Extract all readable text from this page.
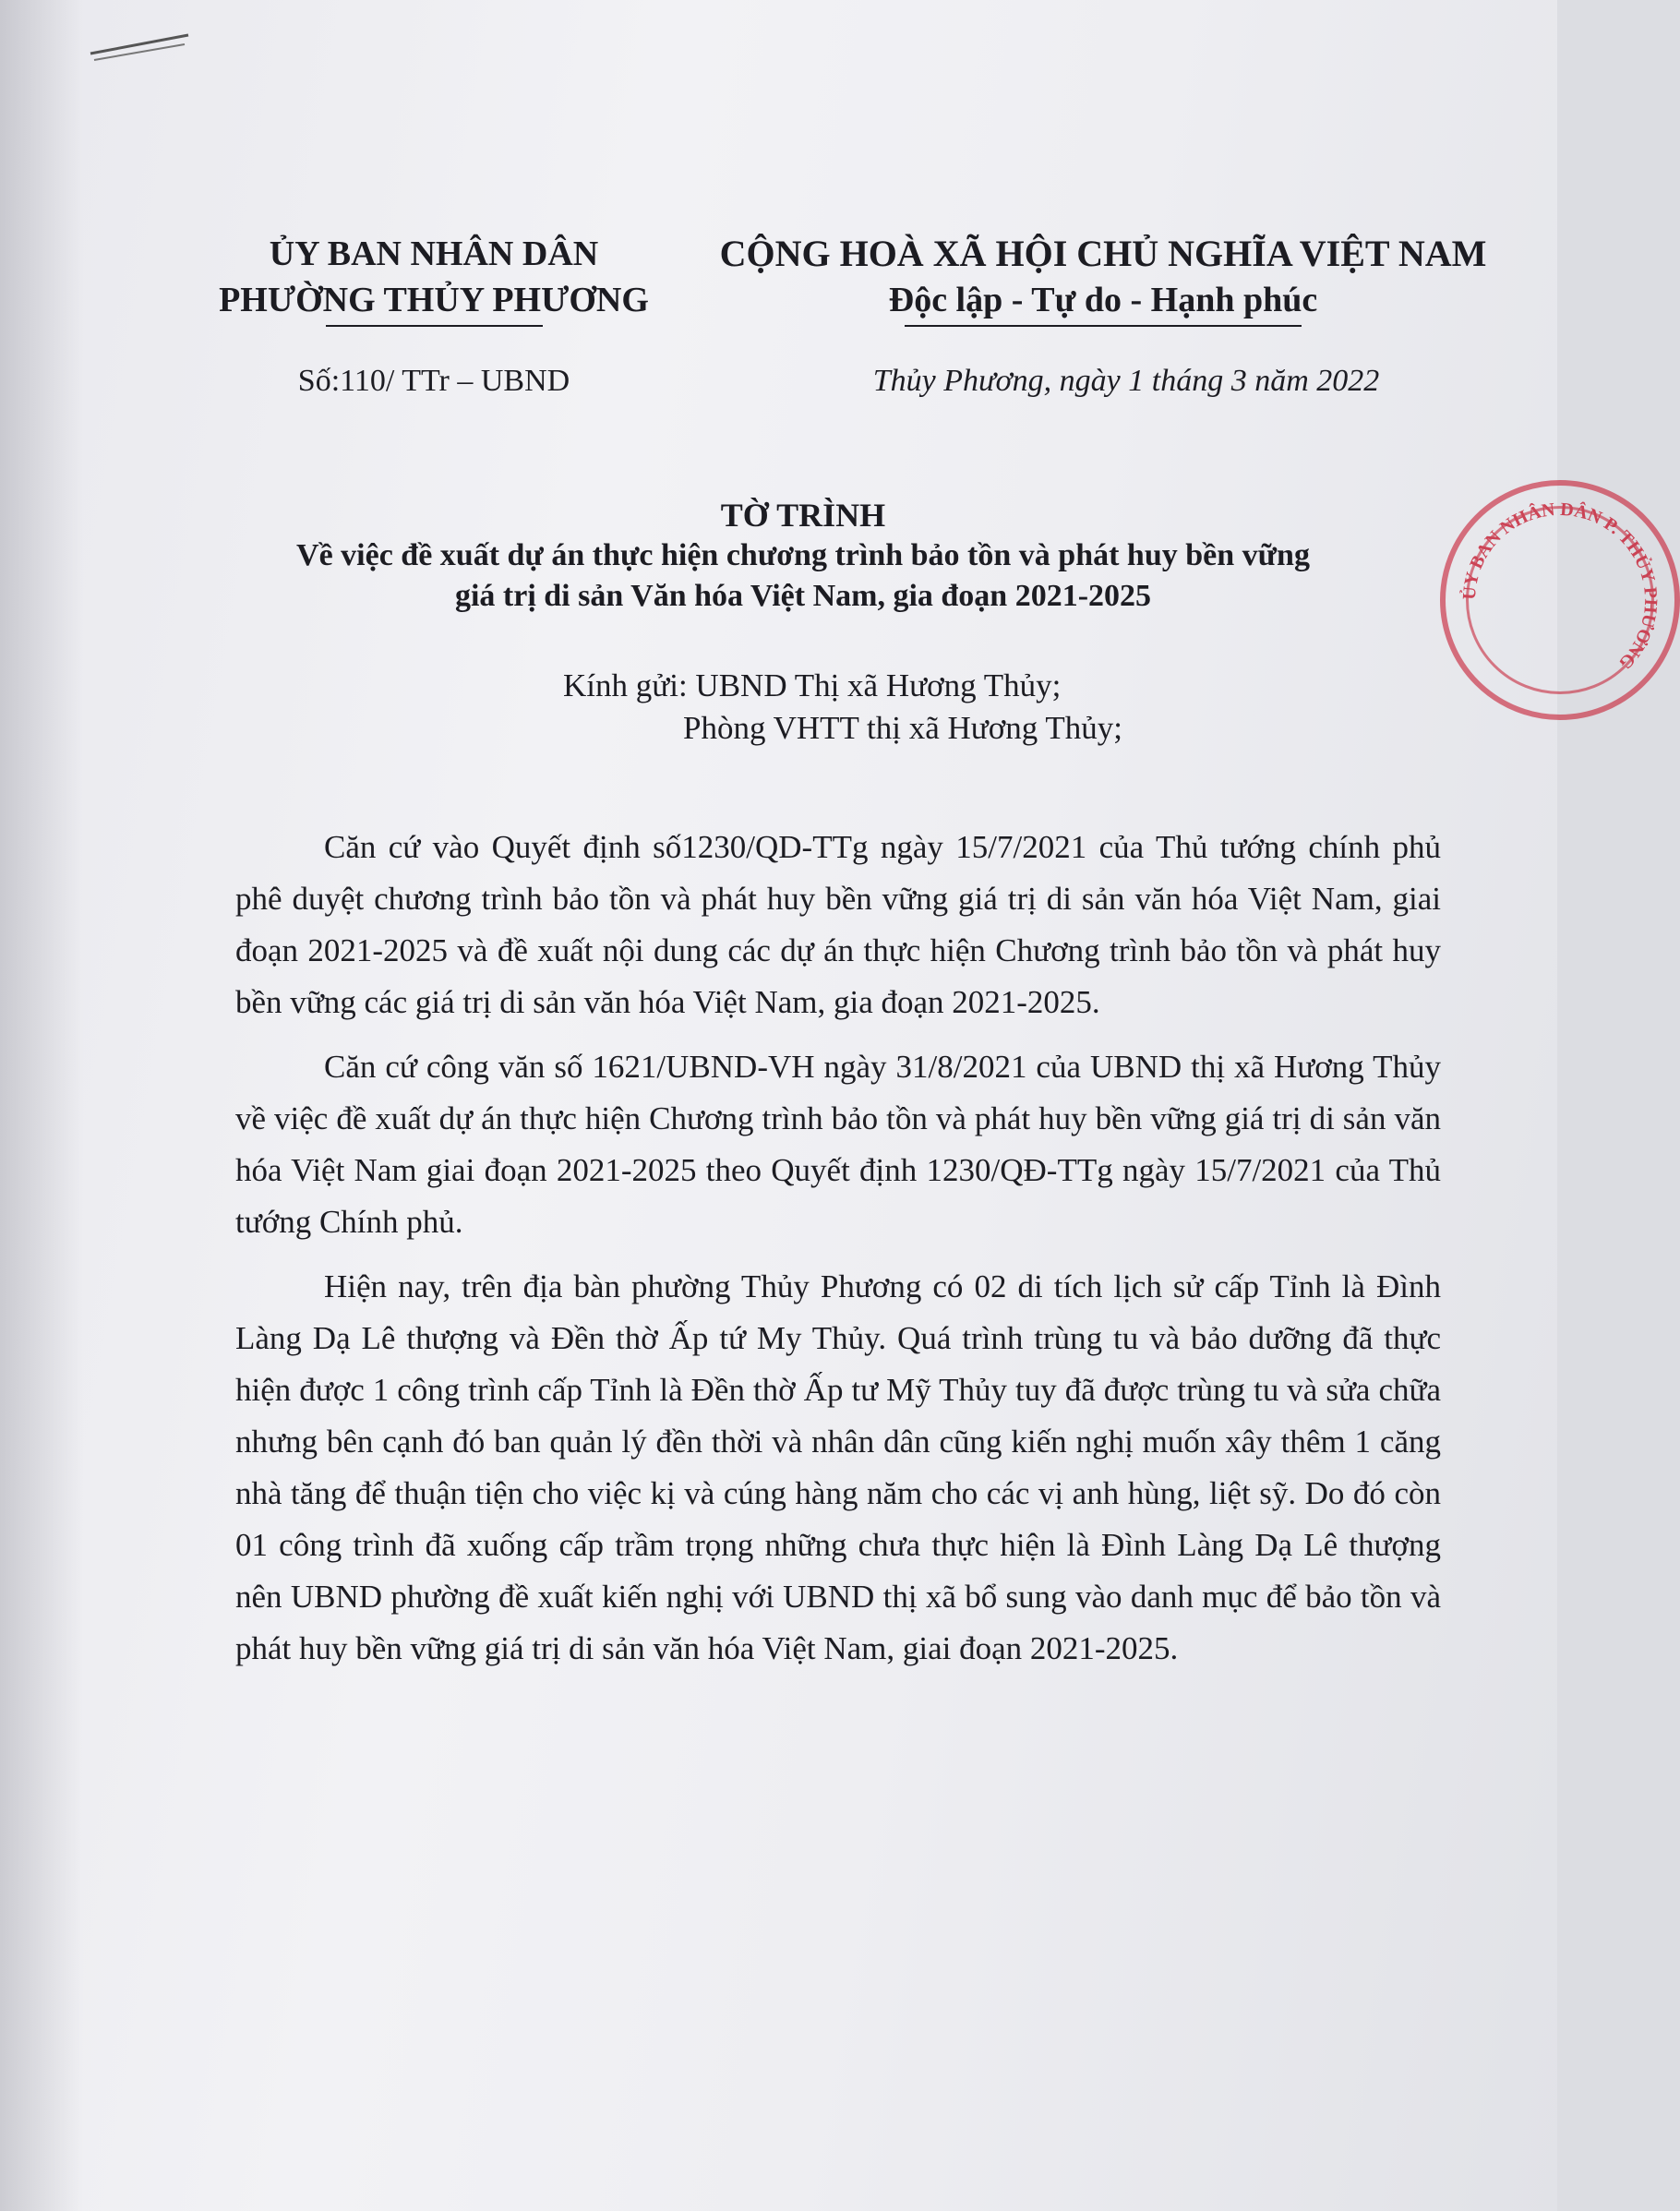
ỦY BAN NHÂN DÂN
PHƯỜNG THỦY PHƯƠNG
CỘNG HOÀ XÃ HỘI CHỦ NGHĨA VIỆT NAM
Độc lập - Tự do - Hạnh phúc
Số:110/ TTr – UBND	Thủy Phương, ngày 1 tháng 3 năm 2022
TỜ TRÌNH
Về việc đề xuất dự án thực hiện chương trình bảo tồn và phát huy bền vững
giá trị di sản Văn hóa Việt Nam, gia đoạn 2021-2025
Kính gửi: UBND Thị xã Hương Thủy;
Phòng VHTT thị xã Hương Thủy;

Căn cứ vào Quyết định số1230/QD-TTg ngày 15/7/2021 của Thủ tướng chính phủ phê duyệt chương trình bảo tồn và phát huy bền vững giá trị di sản văn hóa Việt Nam, giai đoạn 2021-2025 và đề xuất nội dung các dự án thực hiện Chương trình bảo tồn và phát huy bền vững các giá trị di sản văn hóa Việt Nam, gia đoạn 2021-2025.

Căn cứ công văn số 1621/UBND-VH ngày 31/8/2021 của UBND thị xã Hương Thủy về việc đề xuất dự án thực hiện Chương trình bảo tồn và phát huy bền vững giá trị di sản văn hóa Việt Nam giai đoạn 2021-2025 theo Quyết định 1230/QĐ-TTg ngày 15/7/2021 của Thủ tướng Chính phủ.

Hiện nay, trên địa bàn phường Thủy Phương có 02 di tích lịch sử cấp Tỉnh là Đình Làng Dạ Lê thượng và Đền thờ Ấp tứ My Thủy. Quá trình trùng tu và bảo dưỡng đã thực hiện được 1 công trình cấp Tỉnh là Đền thờ Ấp tư Mỹ Thủy tuy đã được trùng tu và sửa chữa nhưng bên cạnh đó ban quản lý đền thời và nhân dân cũng kiến nghị muốn xây thêm 1 căng nhà tăng để thuận tiện cho việc kị và cúng hàng năm cho các vị anh hùng, liệt sỹ. Do đó còn 01 công trình đã xuống cấp trầm trọng những chưa thực hiện là Đình Làng Dạ Lê thượng nên UBND phường đề xuất kiến nghị với UBND thị xã bổ sung vào danh mục để bảo tồn và phát huy bền vững giá trị di sản văn hóa Việt Nam, giai đoạn 2021-2025.

ỦY BAN NHÂN DÂN P. THỦY PHƯƠNG
